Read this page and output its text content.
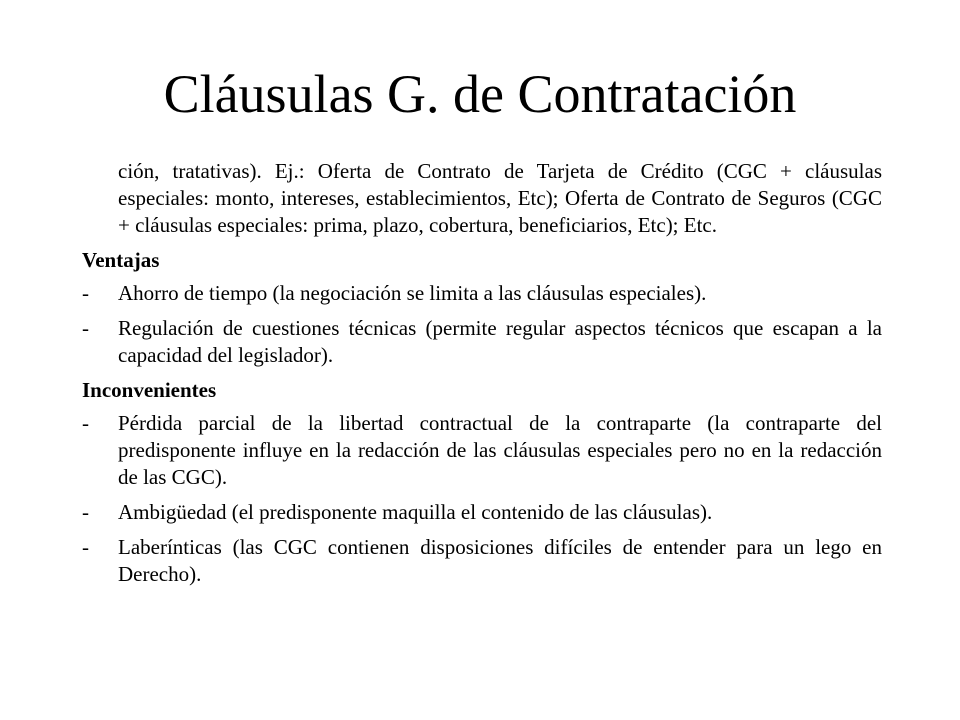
Cláusulas G. de Contratación

ción, tratativas). Ej.: Oferta de Contrato de Tarjeta de Crédito (CGC + cláusulas especiales: monto, intereses, establecimientos, Etc); Oferta de Contrato de Seguros (CGC + cláusulas especiales: prima, plazo, cobertura, beneficiarios, Etc); Etc.

Ventajas

- Ahorro de tiempo (la negociación se limita a las cláusulas especiales).
- Regulación de cuestiones técnicas (permite regular aspectos técnicos que escapan a la capacidad del legislador).

Inconvenientes

- Pérdida parcial de la libertad contractual de la contraparte (la contraparte del predisponente influye en la redacción de las cláusulas especiales pero no en la redacción de las CGC).
- Ambigüedad (el predisponente maquilla el contenido de las cláusulas).
- Laberínticas (las CGC contienen disposiciones difíciles de entender para un lego en Derecho).
